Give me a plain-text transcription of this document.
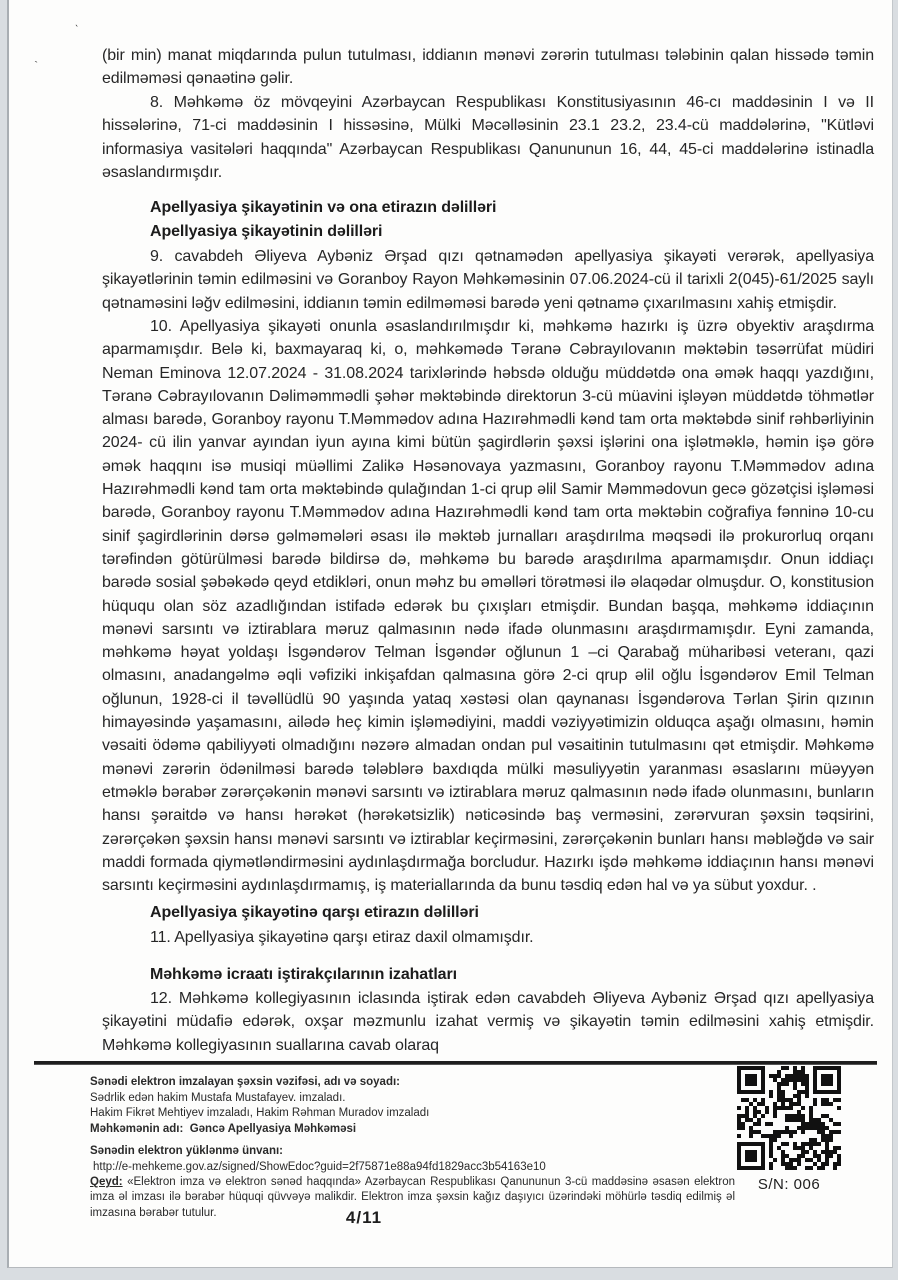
`
`

(bir min) manat miqdarında pulun tutulması, iddianın mənəvi zərərin tutulması tələbinin qalan hissədə təmin edilməməsi qənaətinə gəlir.

8. Məhkəmə öz mövqeyini Azərbaycan Respublikası Konstitusiyasının 46-cı maddəsinin I və II hissələrinə, 71-ci maddəsinin I hissəsinə, Mülki Məcəlləsinin 23.1 23.2, 23.4-cü maddələrinə, "Kütləvi informasiya vasitələri haqqında" Azərbaycan Respublikası Qanununun 16, 44, 45-ci maddələrinə istinadla əsaslandırmışdır.

Apellyasiya şikayətinin və ona etirazın dəlilləri

Apellyasiya şikayətinin dəlilləri

9. cavabdeh Əliyeva Aybəniz Ərşad qızı qətnamədən apellyasiya şikayəti verərək, apellyasiya şikayətlərinin təmin edilməsini və Goranboy Rayon Məhkəməsinin 07.06.2024-cü il tarixli 2(045)-61/2025 saylı qətnaməsini ləğv edilməsini, iddianın təmin edilməməsi barədə yeni qətnamə çıxarılmasını xahiş etmişdir.

10. Apellyasiya şikayəti onunla əsaslandırılmışdır ki, məhkəmə hazırkı iş üzrə obyektiv araşdırma aparmamışdır. Belə ki, baxmayaraq ki, o, məhkəmədə Təranə Cəbrayılovanın məktəbin təsərrüfat müdiri Neman Eminova 12.07.2024 - 31.08.2024 tarixlərində həbsdə olduğu müddətdə ona əmək haqqı yazdığını, Təranə Cəbrayılovanın Dəliməmmədli şəhər məktəbində direktorun 3-cü müavini işləyən müddətdə töhmətlər alması barədə, Goranboy rayonu T.Məmmədov adına Hazırəhmədli kənd tam orta məktəbdə sinif rəhbərliyinin 2024- cü ilin yanvar ayından iyun ayına kimi bütün şagirdlərin şəxsi işlərini ona işlətməklə, həmin işə görə əmək haqqını isə musiqi müəllimi Zalikə Həsənovaya yazmasını, Goranboy rayonu T.Məmmədov adına Hazırəhmədli kənd tam orta məktəbində qulağından 1-ci qrup əlil Samir Məmmədovun gecə gözətçisi işləməsi barədə, Goranboy rayonu T.Məmmədov adına Hazırəhmədli kənd tam orta məktəbin coğrafiya fənninə 10-cu sinif şagirdlərinin dərsə gəlməmələri əsası ilə məktəb jurnalları araşdırılma məqsədi ilə prokurorluq orqanı tərəfindən götürülməsi barədə bildirsə də, məhkəmə bu barədə araşdırılma aparmamışdır. Onun iddiaçı barədə sosial şəbəkədə qeyd etdikləri, onun məhz bu əməlləri törətməsi ilə əlaqədar olmuşdur. O, konstitusion hüququ olan söz azadlığından istifadə edərək bu çıxışları etmişdir. Bundan başqa, məhkəmə iddiaçının mənəvi sarsıntı və iztirablara məruz qalmasının nədə ifadə olunmasını araşdırmamışdır. Eyni zamanda, məhkəmə həyat yoldaşı İsgəndərov Telman İsgəndər oğlunun 1 –ci Qarabağ müharibəsi veteranı, qazi olmasını, anadangəlmə əqli vəfiziki inkişafdan qalmasına görə 2-ci qrup əlil oğlu İsgəndərov Emil Telman oğlunun, 1928-ci il təvəllüdlü 90 yaşında yataq xəstəsi olan qaynanası İsgəndərova Tərlan Şirin qızının himayəsində yaşamasını, ailədə heç kimin işləmədiyini, maddi vəziyyətimizin olduqca aşağı olmasını, həmin vəsaiti ödəmə qabiliyyəti olmadığını nəzərə almadan ondan pul vəsaitinin tutulmasını qət etmişdir. Məhkəmə mənəvi zərərin ödənilməsi barədə tələblərə baxdıqda mülki məsuliyyətin yaranması əsaslarını müəyyən etməklə bərabər zərərçəkənin mənəvi sarsıntı və iztirablara məruz qalmasının nədə ifadə olunmasını, bunların hansı şəraitdə və hansı hərəkət (hərəkətsizlik) nəticəsində baş verməsini, zərərvuran şəxsin təqsirini, zərərçəkən şəxsin hansı mənəvi sarsıntı və iztirablar keçirməsini, zərərçəkənin bunları hansı məbləğdə və sair maddi formada qiymətləndirməsini aydınlaşdırmağa borcludur. Hazırkı işdə məhkəmə iddiaçının hansı mənəvi sarsıntı keçirməsini aydınlaşdırmamış, iş materiallarında da bunu təsdiq edən hal və ya sübut yoxdur. .

Apellyasiya şikayətinə qarşı etirazın dəlilləri

11. Apellyasiya şikayətinə qarşı etiraz daxil olmamışdır.

Məhkəmə icraatı iştirakçılarının izahatları

12. Məhkəmə kollegiyasının iclasında iştirak edən cavabdeh Əliyeva Aybəniz Ərşad qızı apellyasiya şikayətini müdafiə edərək, oxşar məzmunlu izahat vermiş və şikayətin təmin edilməsini xahiş etmişdir. Məhkəmə kollegiyasının suallarına cavab olaraq

Sənədi elektron imzalayan şəxsin vəzifəsi, adı və soyadı:
Sədrlik edən hakim Mustafa Mustafayev. imzaladı.
Hakim Fikrət Mehtiyev imzaladı, Hakim Rəhman Muradov imzaladı
Məhkəmənin adı: Gəncə Apellyasiya Məhkəməsi
Sənədin elektron yüklənmə ünvanı:
http://e-mehkeme.gov.az/signed/ShowEdoc?guid=2f75871e88a94fd1829acc3b54163e10
Qeyd: «Elektron imza və elektron sənəd haqqında» Azərbaycan Respublikası Qanununun 3-cü maddəsinə əsasən elektron imza əl imzası ilə bərabər hüquqi qüvvəyə malikdir. Elektron imza şəxsin kağız daşıyıcı üzərindəki möhürlə təsdiq edilmiş əl imzasına bərabər tutulur.
S/N: 006
4/11
